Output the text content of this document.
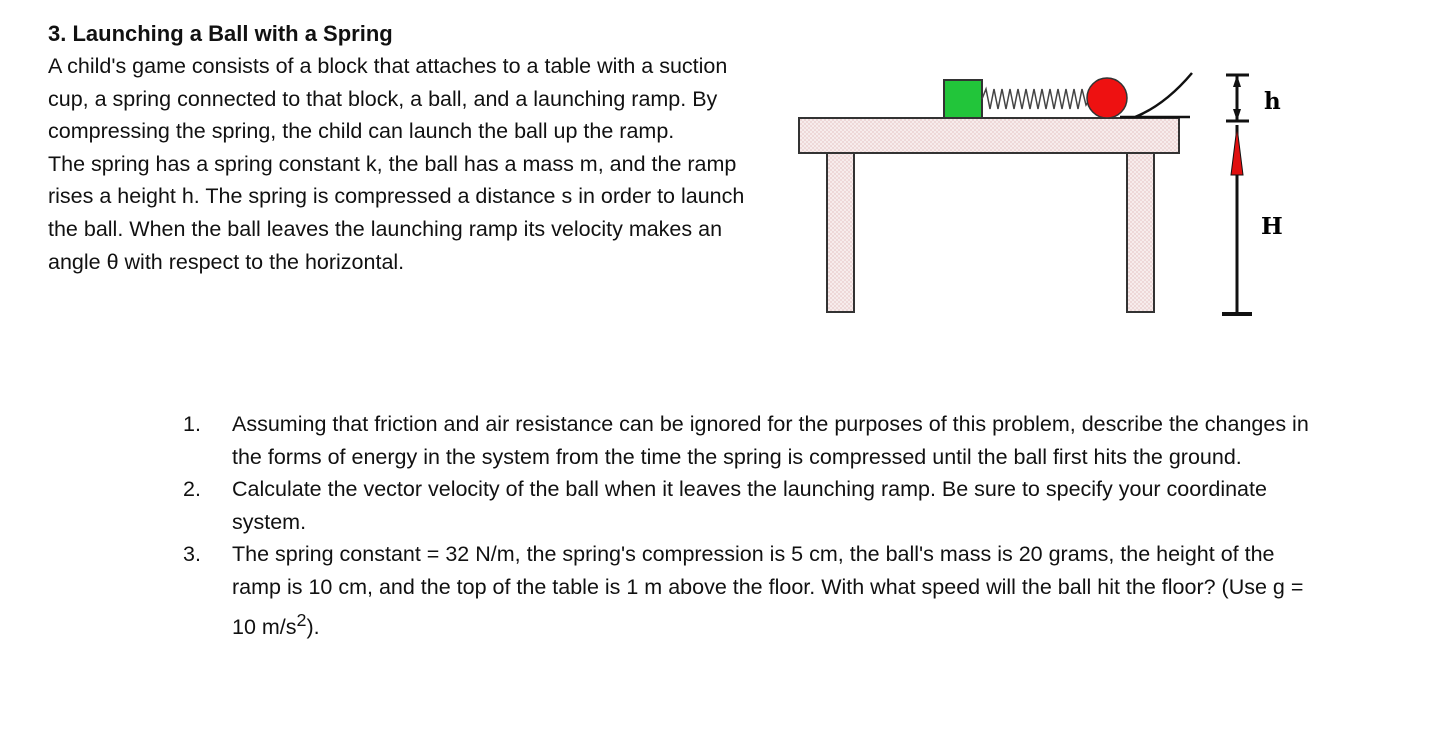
3. Launching a Ball with a Spring

A child's game consists of a block that attaches to a table with a suction cup, a spring connected to that block, a ball, and a launching ramp. By compressing the spring, the child can launch the ball up the ramp.

The spring has a spring constant k, the ball has a mass m, and the ramp rises a height h. The spring is compressed a distance s in order to launch the ball. When the ball leaves the launching ramp its velocity makes an angle θ with respect to the horizontal.

h
H
1. Assuming that friction and air resistance can be ignored for the purposes of this problem, describe the changes in the forms of energy in the system from the time the spring is compressed until the ball first hits the ground.
2. Calculate the vector velocity of the ball when it leaves the launching ramp. Be sure to specify your coordinate system.
3. The spring constant = 32 N/m, the spring's compression is 5 cm, the ball's mass is 20 grams, the height of the ramp is 10 cm, and the top of the table is 1 m above the floor. With what speed will the ball hit the floor? (Use g = 10 $m/s^2$).
